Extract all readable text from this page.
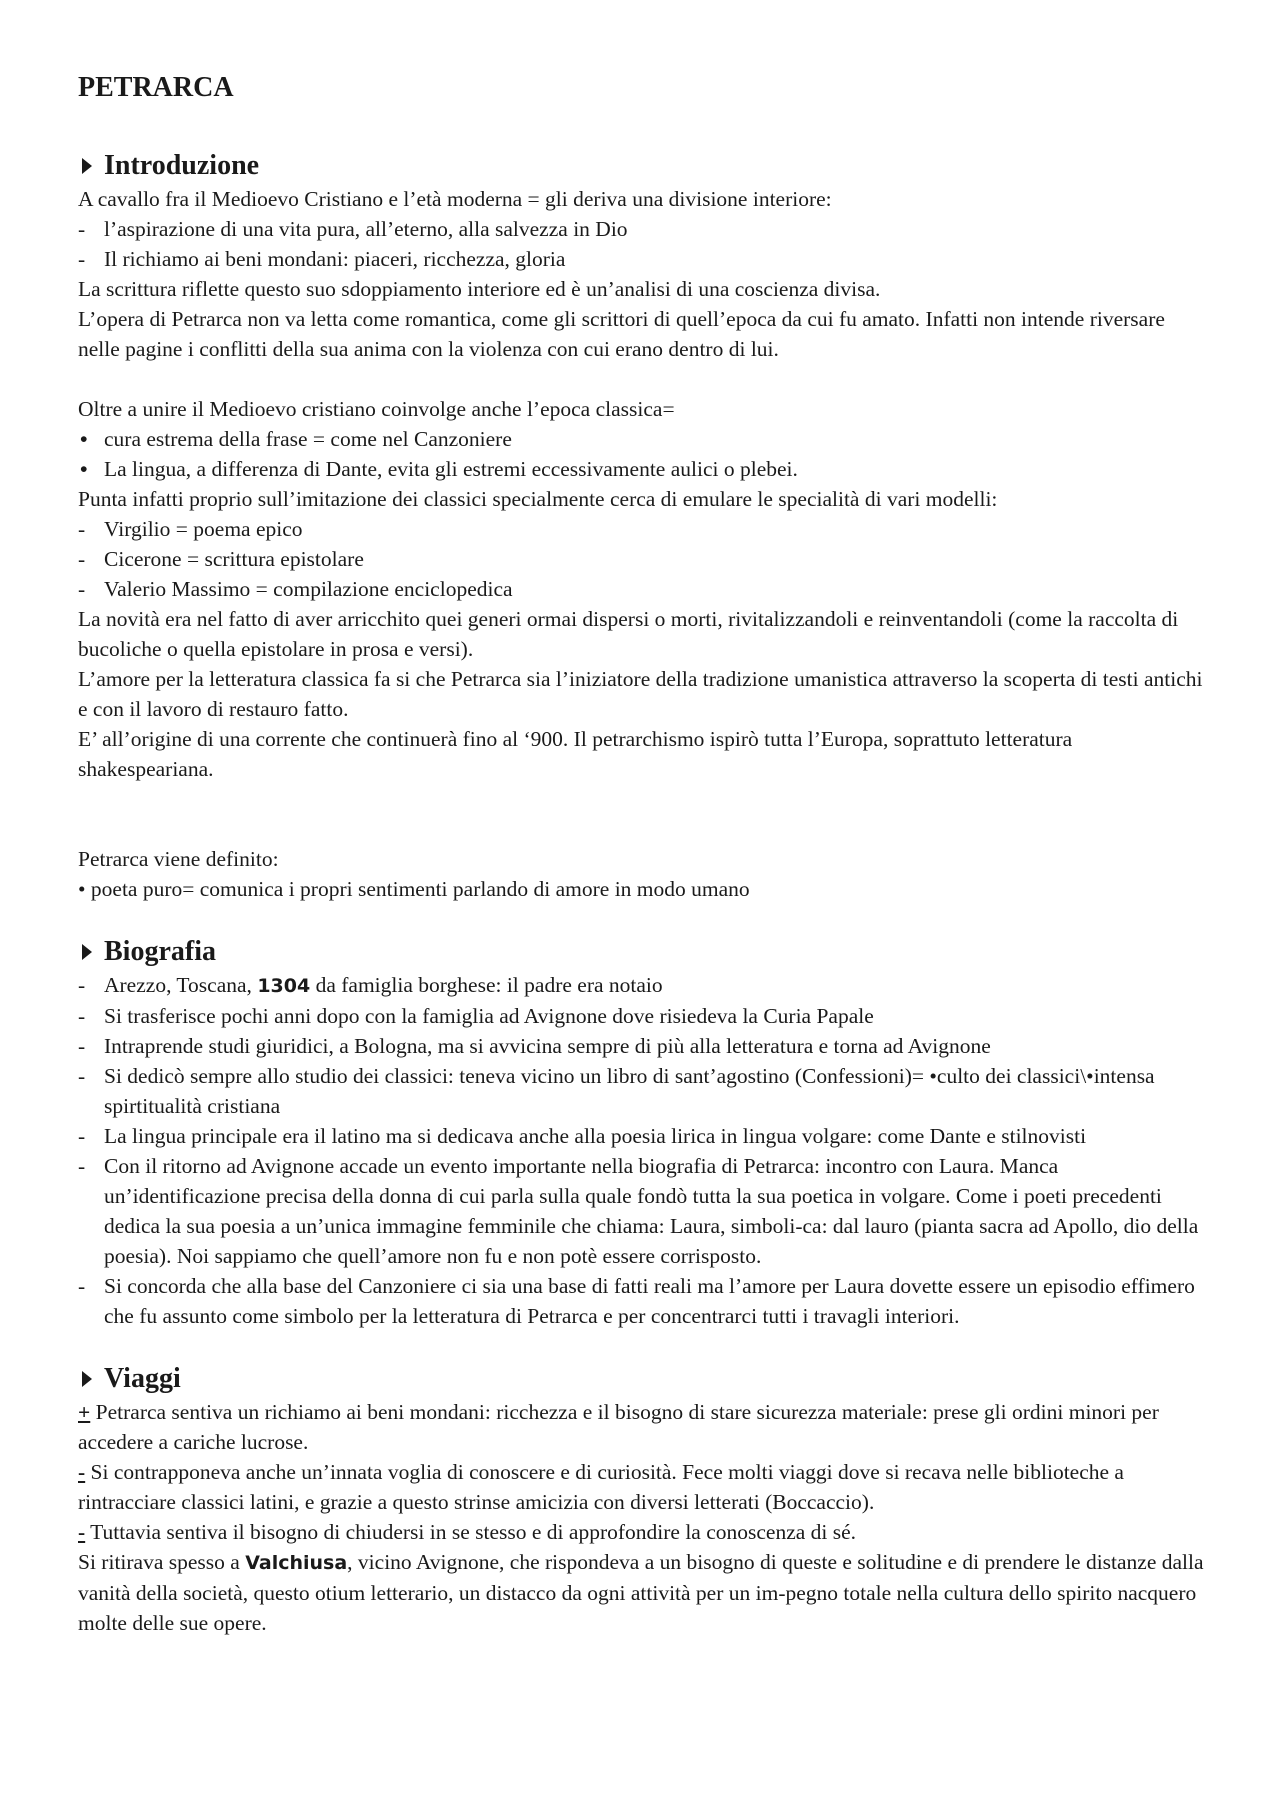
PETRARCA
Introduzione

A cavallo fra il Medioevo Cristiano e l’età moderna = gli deriva una divisione interiore:

- l’aspirazione di una vita pura, all’eterno, alla salvezza in Dio
- Il richiamo ai beni mondani: piaceri, ricchezza, gloria

La scrittura riflette questo suo sdoppiamento interiore ed è un’analisi di una coscienza divisa.

L’opera di Petrarca non va letta come romantica, come gli scrittori di quell’epoca da cui fu amato. Infatti non intende riversare nelle pagine i conflitti della sua anima con la violenza con cui erano dentro di lui.

Oltre a unire il Medioevo cristiano coinvolge anche l’epoca classica=

• cura estrema della frase = come nel Canzoniere
• La lingua, a differenza di Dante, evita gli estremi eccessivamente aulici o plebei.

Punta infatti proprio sull’imitazione dei classici specialmente cerca di emulare le specialità di vari modelli:

- Virgilio = poema epico
- Cicerone = scrittura epistolare
- Valerio Massimo = compilazione enciclopedica

La novità era nel fatto di aver arricchito quei generi ormai dispersi o morti, rivitalizzandoli e reinventandoli (come la raccolta di bucoliche o quella epistolare in prosa e versi).

L’amore per la letteratura classica fa si che Petrarca sia l’iniziatore della tradizione umanistica attraverso la scoperta di testi antichi e con il lavoro di restauro fatto.

E’ all’origine di una corrente che continuerà fino al ‘900. Il petrarchismo ispirò tutta l’Europa, soprattuto letteratura shakespeariana.

Petrarca viene definito:

• poeta puro= comunica i propri sentimenti parlando di amore in modo umano

Biografia
- Arezzo, Toscana, 1304 da famiglia borghese: il padre era notaio
- Si trasferisce pochi anni dopo con la famiglia ad Avignone dove risiedeva la Curia Papale
- Intraprende studi giuridici, a Bologna, ma si avvicina sempre di più alla letteratura e torna ad Avignone
- Si dedicò sempre allo studio dei classici: teneva vicino un libro di sant’agostino (Confessioni)= •culto dei classici\•intensa spirtitualità cristiana
- La lingua principale era il latino ma si dedicava anche alla poesia lirica in lingua volgare: come Dante e stilnovisti
- Con il ritorno ad Avignone accade un evento importante nella biografia di Petrarca: incontro con Laura. Manca un’identificazione precisa della donna di cui parla sulla quale fondò tutta la sua poetica in volgare. Come i poeti precedenti dedica la sua poesia a un’unica immagine femminile che chiama: Laura, simboli-ca: dal lauro (pianta sacra ad Apollo, dio della poesia). Noi sappiamo che quell’amore non fu e non potè essere corrisposto.
- Si concorda che alla base del Canzoniere ci sia una base di fatti reali ma l’amore per Laura dovette essere un episodio effimero che fu assunto come simbolo per la letteratura di Petrarca e per concentrarci tutti i travagli interiori.
Viaggi

+ Petrarca sentiva un richiamo ai beni mondani: ricchezza e il bisogno di stare sicurezza materiale: prese gli ordini minori per accedere a cariche lucrose.

- Si contrapponeva anche un’innata voglia di conoscere e di curiosità. Fece molti viaggi dove si recava nelle biblioteche a rintracciare classici latini, e grazie a questo strinse amicizia con diversi letterati (Boccaccio).

- Tuttavia sentiva il bisogno di chiudersi in se stesso e di approfondire la conoscenza di sé.

Si ritirava spesso a Valchiusa, vicino Avignone, che rispondeva a un bisogno di queste e solitudine e di prendere le distanze dalla vanità della società, questo otium letterario, un distacco da ogni attività per un im-pegno totale nella cultura dello spirito nacquero molte delle sue opere.
